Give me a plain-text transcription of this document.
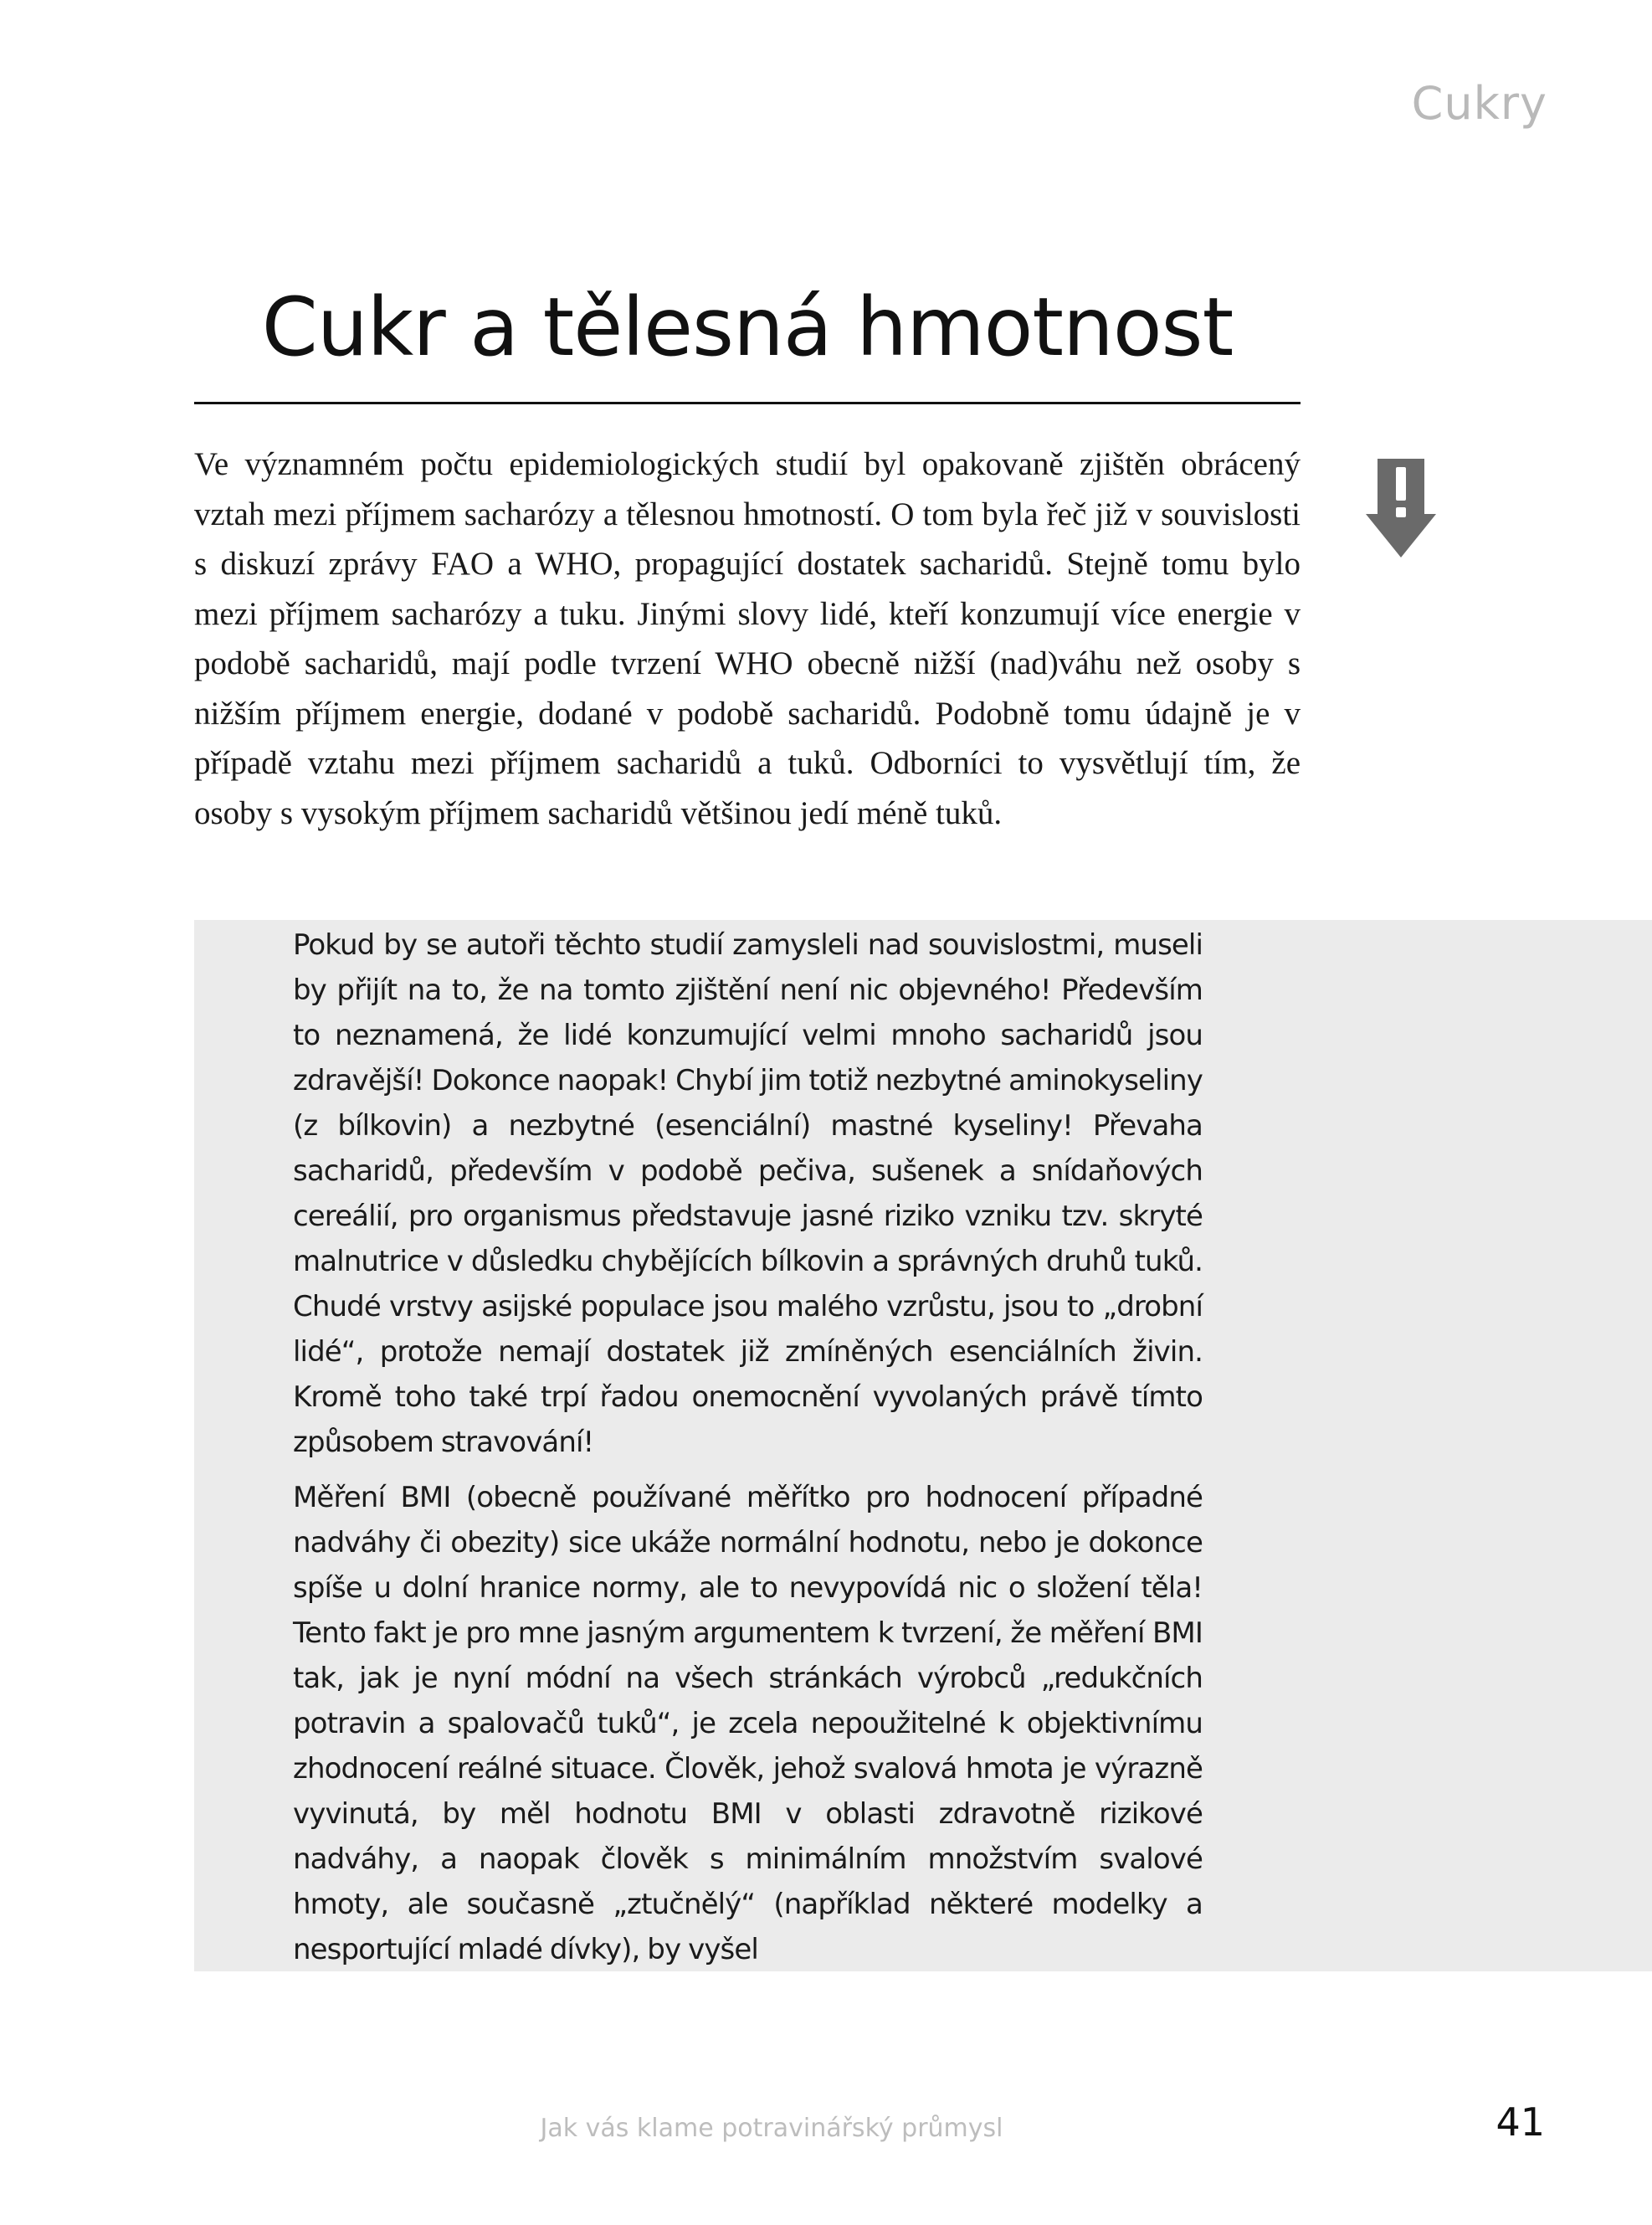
Cukry
Cukr a tělesná hmotnost

Ve významném počtu epidemiologických studií byl opakovaně zjištěn obrácený vztah mezi příjmem sacharózy a tělesnou hmotností. O tom byla řeč již v souvislosti s diskuzí zprávy FAO a WHO, propagující dostatek sacharidů. Stejně tomu bylo mezi příjmem sacharózy a tuku. Jinými slovy lidé, kteří konzumují více energie v podobě sacharidů, mají podle tvrzení WHO obecně nižší (nad)váhu než osoby s nižším příjmem energie, dodané v podobě sacharidů. Podobně tomu údajně je v případě vztahu mezi příjmem sacharidů a tuků. Odborníci to vysvětlují tím, že osoby s vysokým příjmem sacharidů většinou jedí méně tuků.

Pokud by se autoři těchto studií zamysleli nad souvislostmi, museli by přijít na to, že na tomto zjištění není nic objevného! Především to neznamená, že lidé konzumující velmi mnoho sacharidů jsou zdravější! Dokonce naopak! Chybí jim totiž nezbytné aminokyseliny (z bílkovin) a nezbytné (esenciální) mastné kyseliny! Převaha sacharidů, především v podobě pečiva, sušenek a snídaňových cereálií, pro organismus představuje jasné riziko vzniku tzv. skryté malnutrice v důsledku chybějících bílkovin a správných druhů tuků. Chudé vrstvy asijské populace jsou malého vzrůstu, jsou to „drobní lidé“, protože nemají dostatek již zmíněných esenciálních živin. Kromě toho také trpí řadou onemocnění vyvolaných právě tímto způsobem stravování!

Měření BMI (obecně používané měřítko pro hodnocení případné nadváhy či obezity) sice ukáže normální hodnotu, nebo je dokonce spíše u dolní hranice normy, ale to nevypovídá nic o složení těla! Tento fakt je pro mne jasným argumentem k tvrzení, že měření BMI tak, jak je nyní módní na všech stránkách výrobců „redukčních potravin a spalovačů tuků“, je zcela nepoužitelné k objektivnímu zhodnocení reálné situace. Člověk, jehož svalová hmota je výrazně vyvinutá, by měl hodnotu BMI v oblasti zdravotně rizikové nadváhy, a naopak člověk s minimálním množstvím svalové hmoty, ale současně „ztučnělý“ (například některé modelky a nesportující mladé dívky), by vyšel

Jak vás klame potravinářský průmysl	41
